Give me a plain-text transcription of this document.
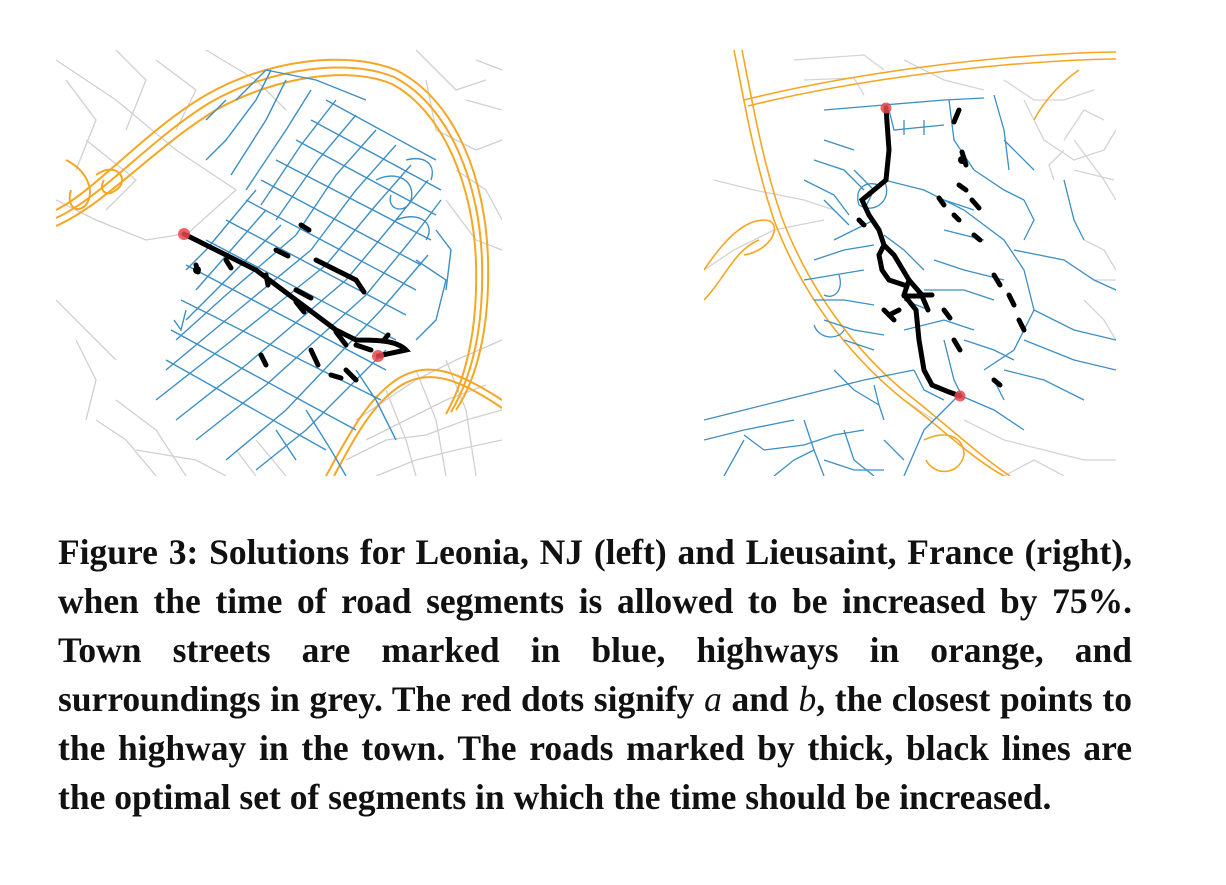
Figure 3: Solutions for Leonia, NJ (left) and Lieusaint, France (right), when the time of road segments is allowed to be increased by 75%. Town streets are marked in blue, highways in orange, and surroundings in grey. The red dots signify a and b, the closest points to the highway in the town. The roads marked by thick, black lines are the optimal set of segments in which the time should be increased.
